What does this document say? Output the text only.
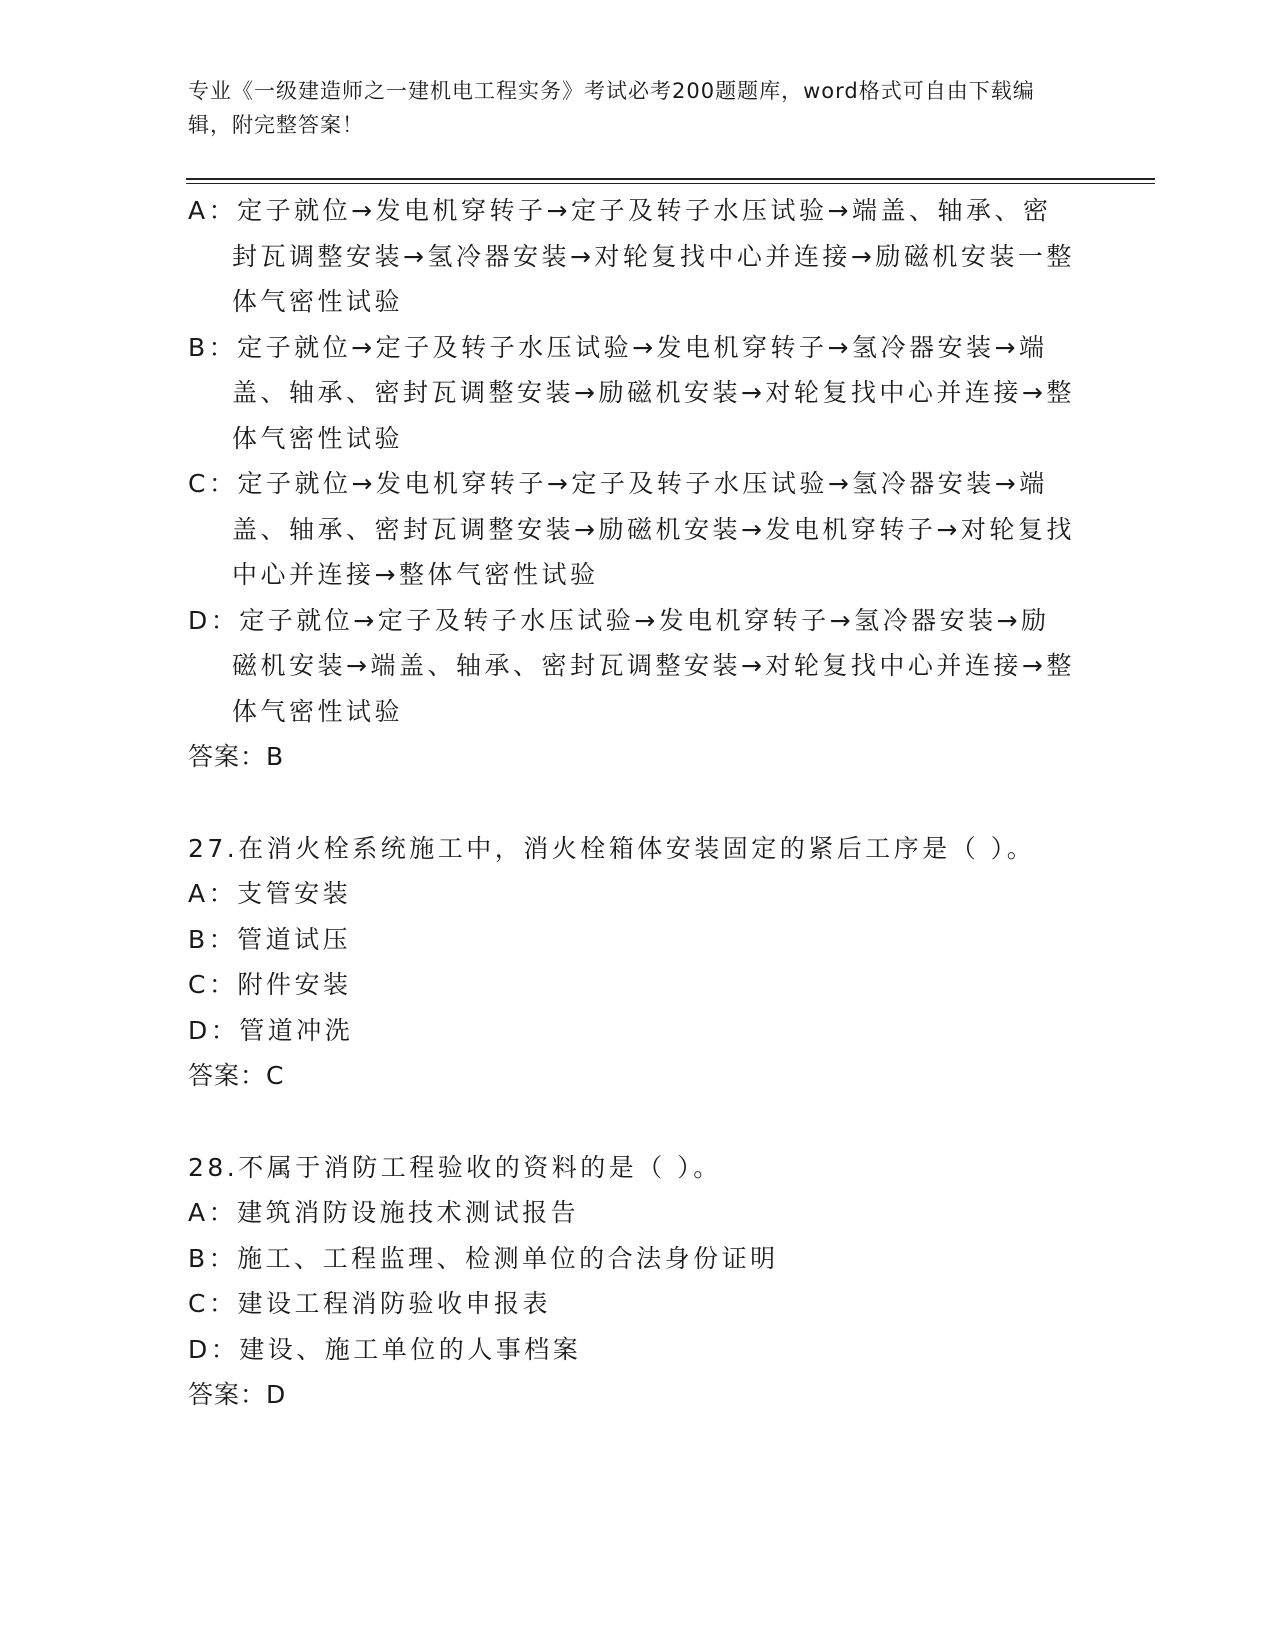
专业《一级建造师之一建机电工程实务》考试必考200题题库，word格式可自由下载编辑，附完整答案！

A：定子就位→发电机穿转子→定子及转子水压试验→端盖、轴承、密封瓦调整安装→氢冷器安装→对轮复找中心并连接→励磁机安装一整体气密性试验

B：定子就位→定子及转子水压试验→发电机穿转子→氢冷器安装→端盖、轴承、密封瓦调整安装→励磁机安装→对轮复找中心并连接→整体气密性试验

C：定子就位→发电机穿转子→定子及转子水压试验→氢冷器安装→端盖、轴承、密封瓦调整安装→励磁机安装→发电机穿转子→对轮复找中心并连接→整体气密性试验

D：定子就位→定子及转子水压试验→发电机穿转子→氢冷器安装→励磁机安装→端盖、轴承、密封瓦调整安装→对轮复找中心并连接→整体气密性试验

答案：B

27.在消火栓系统施工中，消火栓箱体安装固定的紧后工序是（ ）。

A：支管安装

B：管道试压

C：附件安装

D：管道冲洗

答案：C

28.不属于消防工程验收的资料的是（ ）。

A：建筑消防设施技术测试报告

B：施工、工程监理、检测单位的合法身份证明

C：建设工程消防验收申报表

D：建设、施工单位的人事档案

答案：D
